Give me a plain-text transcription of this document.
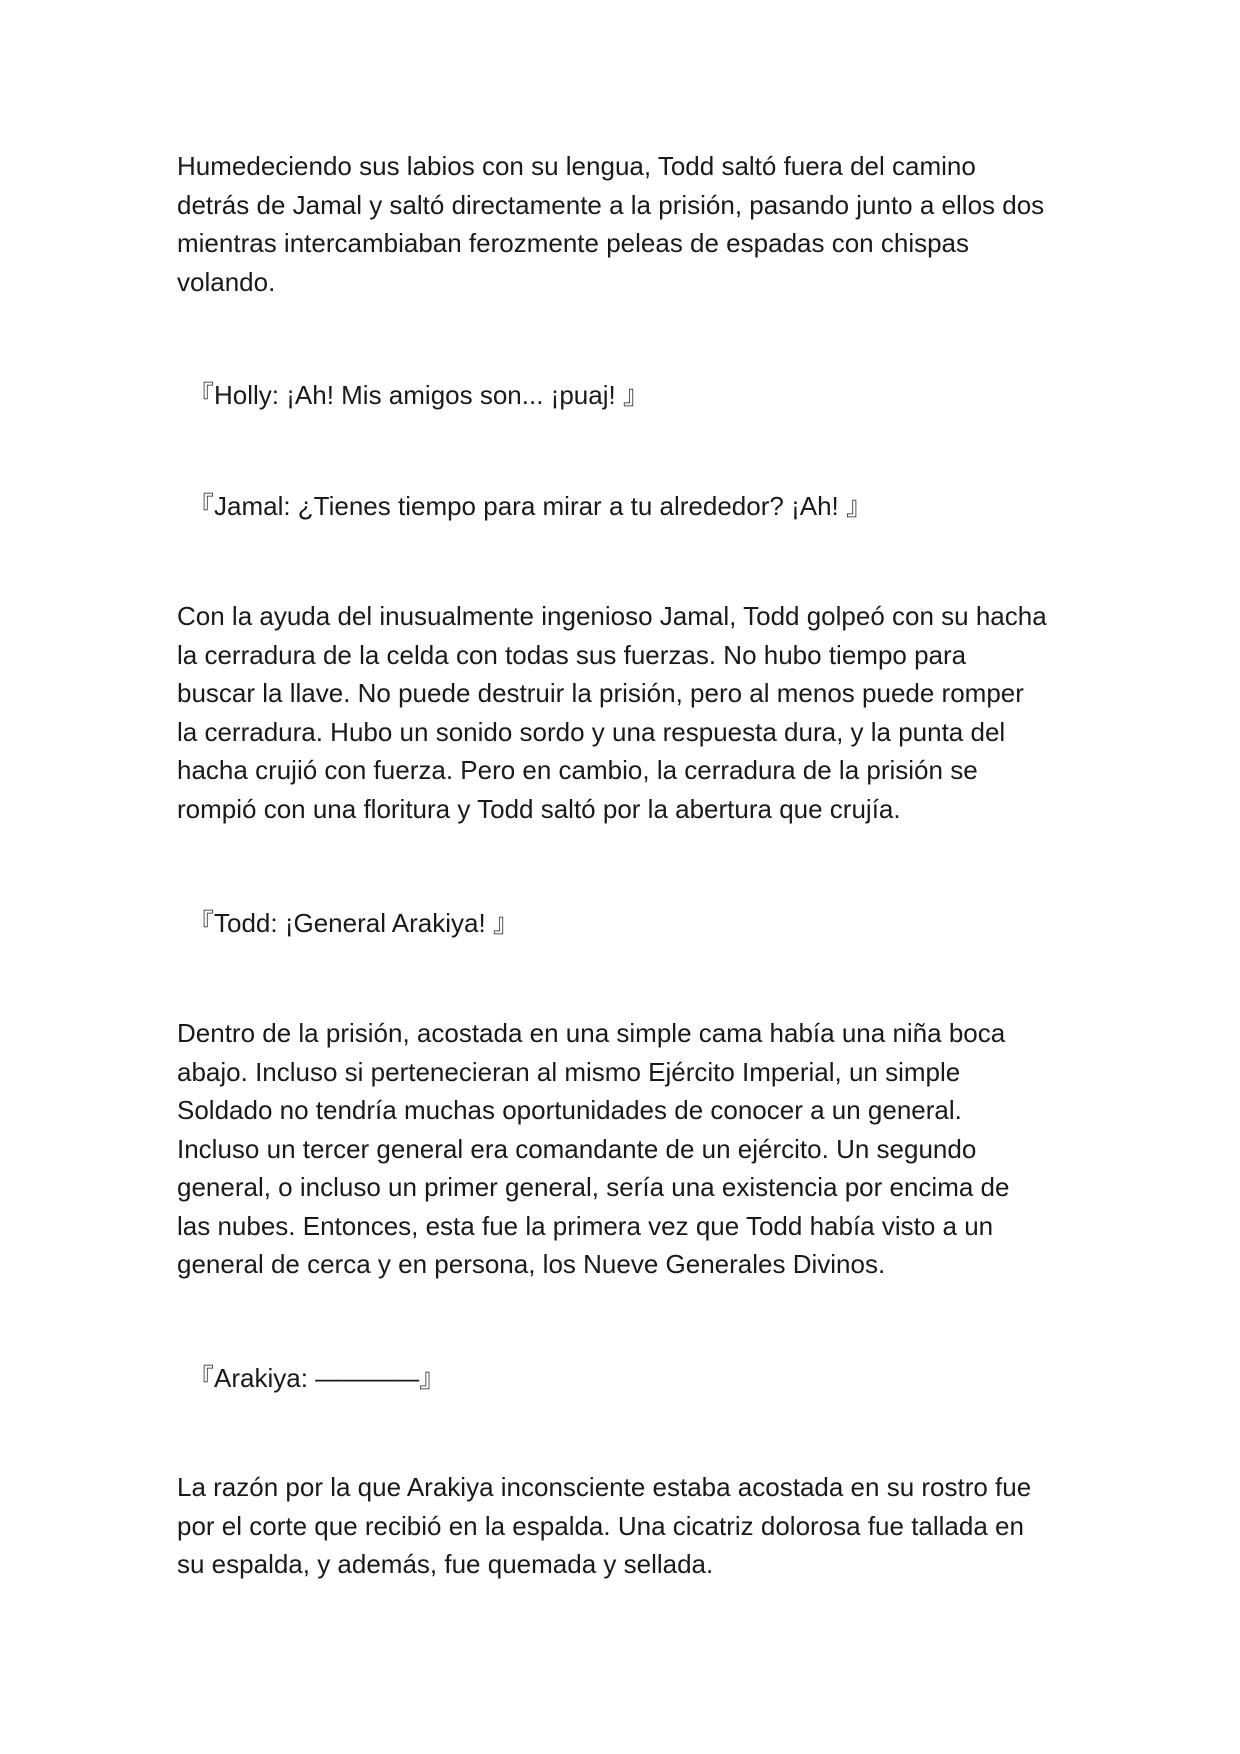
Humedeciendo sus labios con su lengua, Todd saltó fuera del camino
detrás de Jamal y saltó directamente a la prisión, pasando junto a ellos dos
mientras intercambiaban ferozmente peleas de espadas con chispas
volando.
『Holly: ¡Ah! Mis amigos son... ¡puaj! 』
『Jamal: ¿Tienes tiempo para mirar a tu alrededor? ¡Ah! 』
Con la ayuda del inusualmente ingenioso Jamal, Todd golpeó con su hacha
la cerradura de la celda con todas sus fuerzas. No hubo tiempo para
buscar la llave. No puede destruir la prisión, pero al menos puede romper
la cerradura. Hubo un sonido sordo y una respuesta dura, y la punta del
hacha crujió con fuerza. Pero en cambio, la cerradura de la prisión se
rompió con una floritura y Todd saltó por la abertura que crujía.
『Todd: ¡General Arakiya! 』
Dentro de la prisión, acostada en una simple cama había una niña boca
abajo. Incluso si pertenecieran al mismo Ejército Imperial, un simple
Soldado no tendría muchas oportunidades de conocer a un general.
Incluso un tercer general era comandante de un ejército. Un segundo
general, o incluso un primer general, sería una existencia por encima de
las nubes. Entonces, esta fue la primera vez que Todd había visto a un
general de cerca y en persona, los Nueve Generales Divinos.
『Arakiya: ————』
La razón por la que Arakiya inconsciente estaba acostada en su rostro fue
por el corte que recibió en la espalda. Una cicatriz dolorosa fue tallada en
su espalda, y además, fue quemada y sellada.
